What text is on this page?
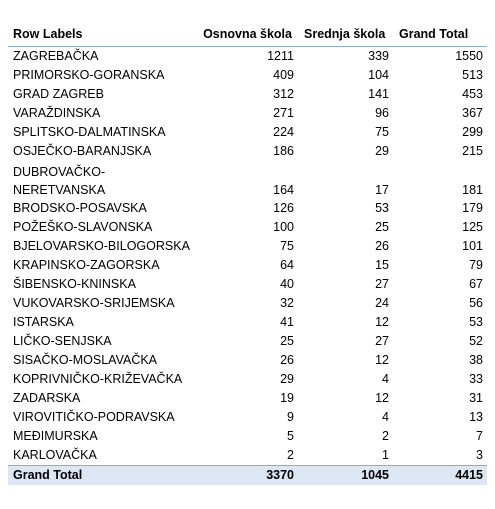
Row Labels	Osnovna škola	Srednja škola	Grand Total
ZAGREBAČKA	1211	339	1550
PRIMORSKO-GORANSKA	409	104	513
GRAD ZAGREB	312	141	453
VARAŽDINSKA	271	96	367
SPLITSKO-DALMATINSKA	224	75	299
OSJEČKO-BARANJSKA	186	29	215
DUBROVAČKO-NERETVANSKA	164	17	181
BRODSKO-POSAVSKA	126	53	179
POŽEŠKO-SLAVONSKA	100	25	125
BJELOVARSKO-BILOGORSKA	75	26	101
KRAPINSKO-ZAGORSKA	64	15	79
ŠIBENSKO-KNINSKA	40	27	67
VUKOVARSKO-SRIJEMSKA	32	24	56
ISTARSKA	41	12	53
LIČKO-SENJSKA	25	27	52
SISAČKO-MOSLAVAČKA	26	12	38
KOPRIVNIČKO-KRIŽEVAČKA	29	4	33
ZADARSKA	19	12	31
VIROVITIČKO-PODRAVSKA	9	4	13
MEĐIMURSKA	5	2	7
KARLOVAČKA	2	1	3
Grand Total	3370	1045	4415
